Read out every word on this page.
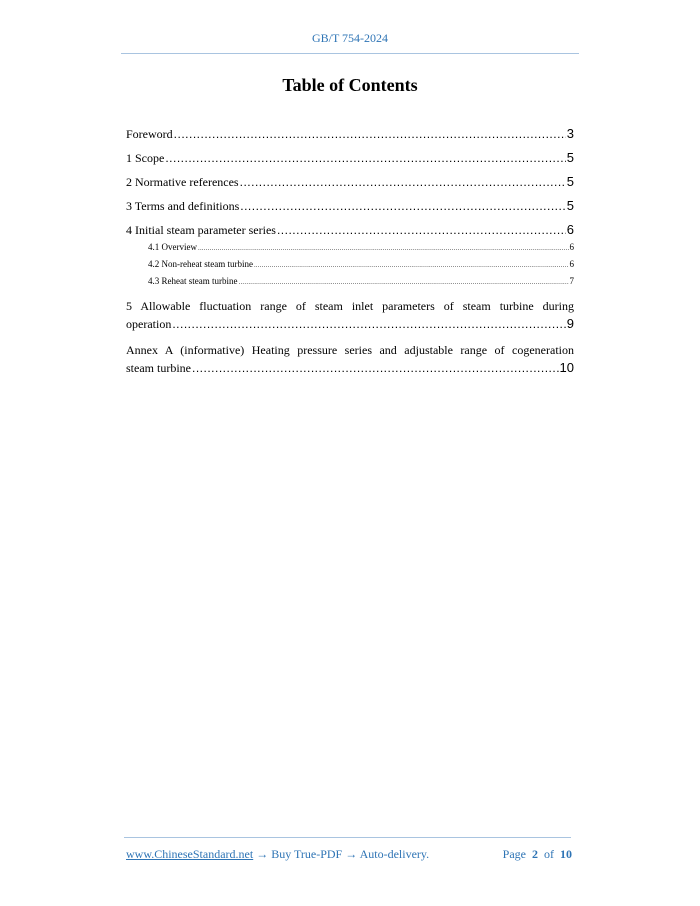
GB/T 754-2024
Table of Contents
Foreword .....	3
1 Scope .....	5
2 Normative references .....	5
3 Terms and definitions .....	5
4 Initial steam parameter series .....	6
4.1 Overview .....	6
4.2 Non-reheat steam turbine .....	6
4.3 Reheat steam turbine .....	7
5 Allowable fluctuation range of steam inlet parameters of steam turbine during
operation .....	9
Annex A (informative) Heating pressure series and adjustable range of cogeneration
steam turbine .....	10
www.ChineseStandard.net → Buy True-PDF → Auto-delivery.	Page 2 of 10
